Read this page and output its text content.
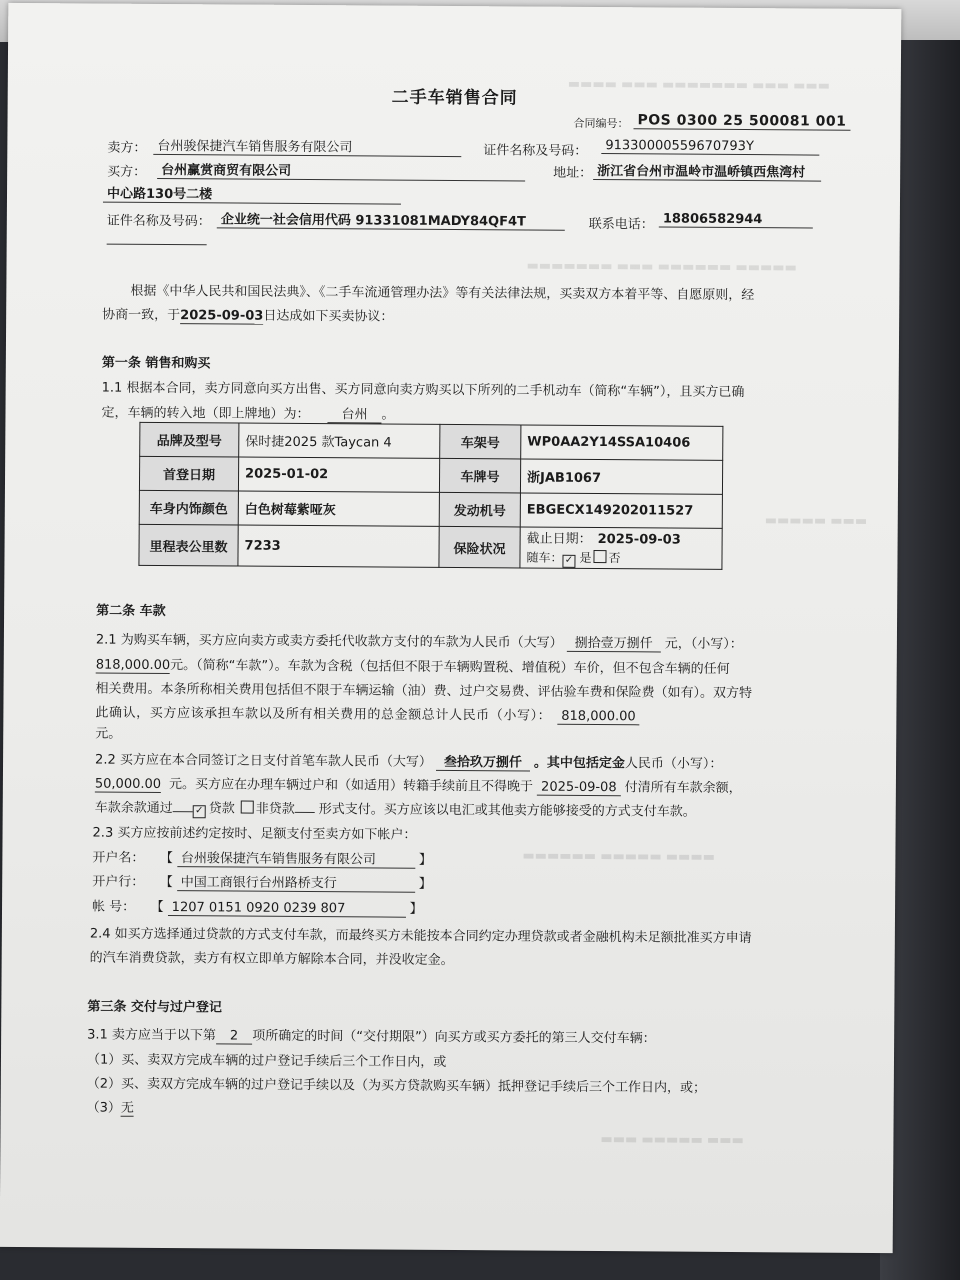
▬▬▬▬ ▬▬▬ ▬▬▬▬▬▬▬ ▬▬▬ ▬▬▬
▬▬▬▬▬▬▬ ▬▬▬ ▬▬▬▬▬▬ ▬▬▬▬▬
▬▬▬▬▬ ▬▬▬
▬▬▬▬▬▬ ▬▬▬▬▬ ▬▬▬▬
▬▬▬ ▬▬▬▬▬ ▬▬▬
二手车销售合同
合同编号： POS 0300 25 500081 001
卖方： 台州骏保捷汽车销售服务有限公司	证件名称及号码：	91330000559670793Y
买方：	台州赢赏商贸有限公司	地址： 浙江省台州市温岭市温峤镇西焦湾村
中心路130号二楼
证件名称及号码： 企业统一社会信用代码 91331081MADY84QF4T	联系电话： 18806582944
根据《中华人民共和国民法典》、《二手车流通管理办法》等有关法律法规，买卖双方本着平等、自愿原则，经
协商一致，于2025-09-03日达成如下买卖协议：
第一条 销售和购买
1.1 根据本合同，卖方同意向买方出售、买方同意向卖方购买以下所列的二手机动车（简称“车辆”），且买方已确
定，车辆的转入地（即上牌地）为： 台州 。
品牌及型号	保时捷2025 款Taycan 4	车架号	WP0AA2Y14SSA10406
首登日期	2025-01-02	车牌号	浙JAB1067
车身内饰颜色	白色树莓紫哑灰	发动机号	EBGECX149202011527
里程表公里数	7233	保险状况	截止日期： 2025-09-03
随车： ✓ 是 否
第二条 车款
2.1 为购买车辆，买方应向卖方或卖方委托代收款方支付的车款为人民币（大写） 捌拾壹万捌仟 元，（小写）：
818,000.00元。（简称“车款”）。车款为含税（包括但不限于车辆购置税、增值税）车价，但不包含车辆的任何
相关费用。本条所称相关费用包括但不限于车辆运输（油）费、过户交易费、评估验车费和保险费（如有）。双方特
此确认，买方应该承担车款以及所有相关费用的总金额总计人民币（小写）： 818,000.00
元。
2.2 买方应在本合同签订之日支付首笔车款人民币（大写） 叁拾玖万捌仟 。其中包括定金人民币（小写）：
50,000.00 元。买方应在办理车辆过户和（如适用）转籍手续前且不得晚于 2025-09-08 付清所有车款余额，
车款余款通过 ✓ 贷款 非贷款 形式支付。买方应该以电汇或其他卖方能够接受的方式支付车款。
2.3 买方应按前述约定按时、足额支付至卖方如下帐户：
开户名： 【 台州骏保捷汽车销售服务有限公司	】
开户行： 【 中国工商银行台州路桥支行	】
帐 号： 【 1207 0151 0920 0239 807	】
2.4 如买方选择通过贷款的方式支付车款，而最终买方未能按本合同约定办理贷款或者金融机构未足额批准买方申请
的汽车消费贷款，卖方有权立即单方解除本合同，并没收定金。
第三条 交付与过户登记
3.1 卖方应当于以下第 2 项所确定的时间（“交付期限”）向买方或买方委托的第三人交付车辆：
（1）买、卖双方完成车辆的过户登记手续后三个工作日内，或
（2）买、卖双方完成车辆的过户登记手续以及（为买方贷款购买车辆）抵押登记手续后三个工作日内，或；
（3）无
